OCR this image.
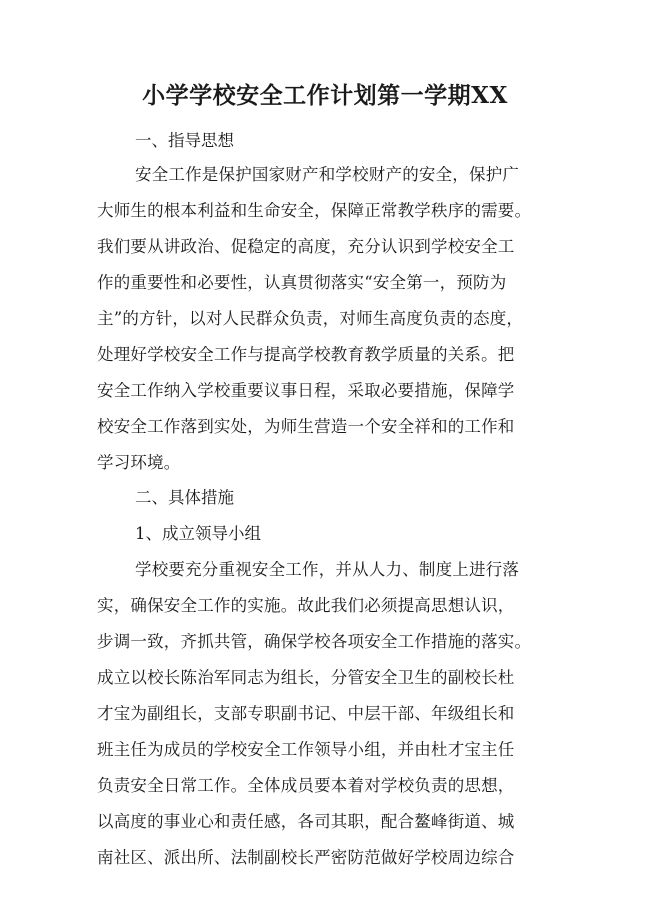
小学学校安全工作计划第一学期XX
一、指导思想
安全工作是保护国家财产和学校财产的安全，保护广
大师生的根本利益和生命安全，保障正常教学秩序的需要。
我们要从讲政治、促稳定的高度，充分认识到学校安全工
作的重要性和必要性，认真贯彻落实“安全第一，预防为
主”的方针，以对人民群众负责，对师生高度负责的态度，
处理好学校安全工作与提高学校教育教学质量的关系。把
安全工作纳入学校重要议事日程，采取必要措施，保障学
校安全工作落到实处，为师生营造一个安全祥和的工作和
学习环境。
二、具体措施
1、成立领导小组
学校要充分重视安全工作，并从人力、制度上进行落
实，确保安全工作的实施。故此我们必须提高思想认识，
步调一致，齐抓共管，确保学校各项安全工作措施的落实。
成立以校长陈治军同志为组长，分管安全卫生的副校长杜
才宝为副组长，支部专职副书记、中层干部、年级组长和
班主任为成员的学校安全工作领导小组，并由杜才宝主任
负责安全日常工作。全体成员要本着对学校负责的思想，
以高度的事业心和责任感，各司其职，配合鳌峰街道、城
南社区、派出所、法制副校长严密防范做好学校周边综合
